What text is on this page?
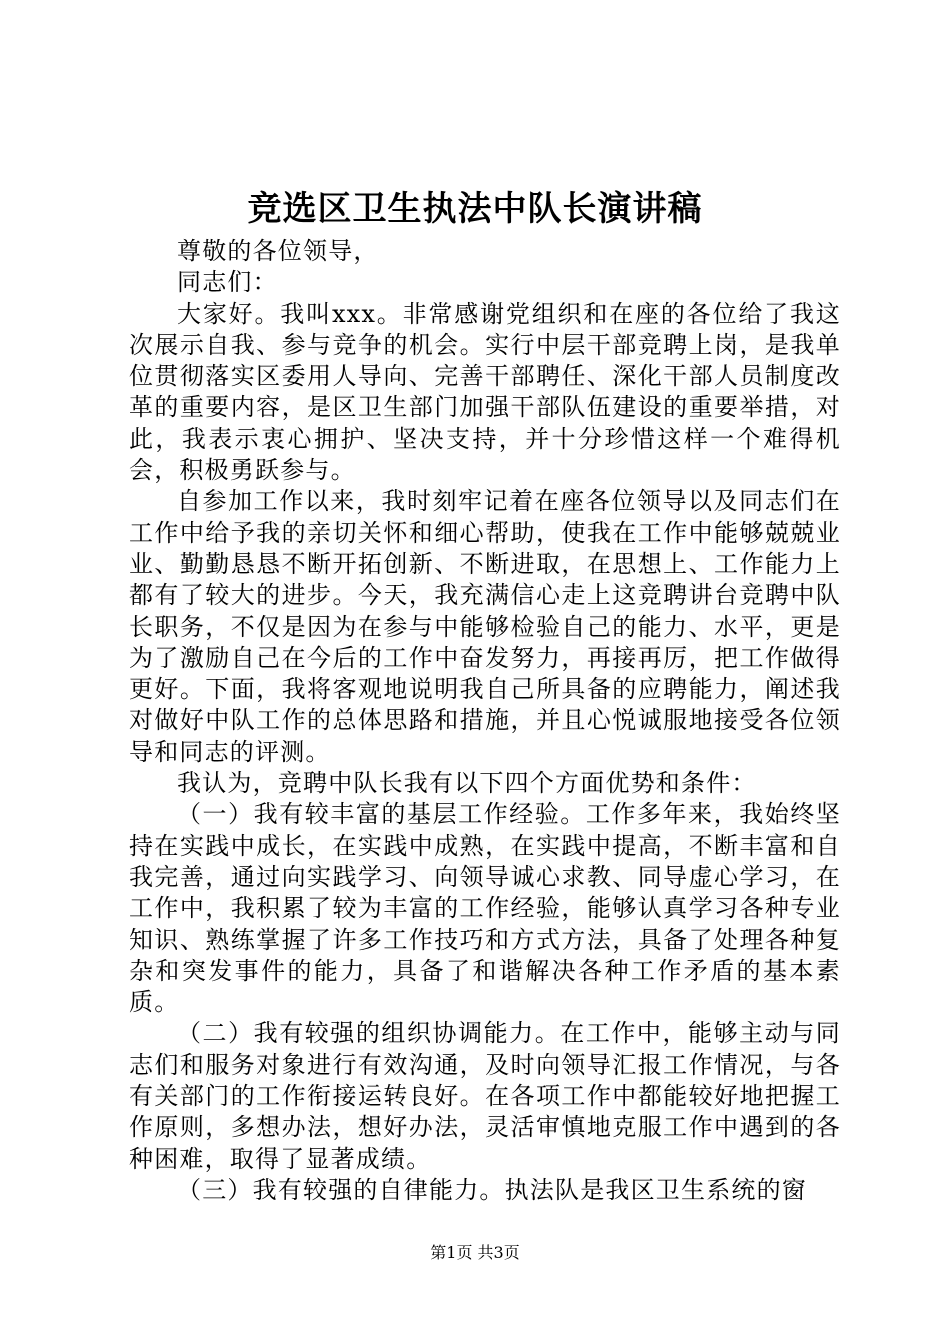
竞选区卫生执法中队长演讲稿

尊敬的各位领导，

同志们：

大家好。我叫xxx。非常感谢党组织和在座的各位给了我这次展示自我、参与竞争的机会。实行中层干部竞聘上岗，是我单位贯彻落实区委用人导向、完善干部聘任、深化干部人员制度改革的重要内容，是区卫生部门加强干部队伍建设的重要举措，对此，我表示衷心拥护、坚决支持，并十分珍惜这样一个难得机会，积极勇跃参与。

自参加工作以来，我时刻牢记着在座各位领导以及同志们在工作中给予我的亲切关怀和细心帮助，使我在工作中能够兢兢业业、勤勤恳恳不断开拓创新、不断进取，在思想上、工作能力上都有了较大的进步。今天，我充满信心走上这竞聘讲台竞聘中队长职务，不仅是因为在参与中能够检验自己的能力、水平，更是为了激励自己在今后的工作中奋发努力，再接再厉，把工作做得更好。下面，我将客观地说明我自己所具备的应聘能力，阐述我对做好中队工作的总体思路和措施，并且心悦诚服地接受各位领导和同志的评测。

我认为，竞聘中队长我有以下四个方面优势和条件：

（一）我有较丰富的基层工作经验。工作多年来，我始终坚持在实践中成长，在实践中成熟，在实践中提高，不断丰富和自我完善，通过向实践学习、向领导诚心求教、同导虚心学习，在工作中，我积累了较为丰富的工作经验，能够认真学习各种专业知识、熟练掌握了许多工作技巧和方式方法，具备了处理各种复杂和突发事件的能力，具备了和谐解决各种工作矛盾的基本素质。

（二）我有较强的组织协调能力。在工作中，能够主动与同志们和服务对象进行有效沟通，及时向领导汇报工作情况，与各有关部门的工作衔接运转良好。在各项工作中都能较好地把握工作原则，多想办法，想好办法，灵活审慎地克服工作中遇到的各种困难，取得了显著成绩。

（三）我有较强的自律能力。执法队是我区卫生系统的窗

第1页 共3页
